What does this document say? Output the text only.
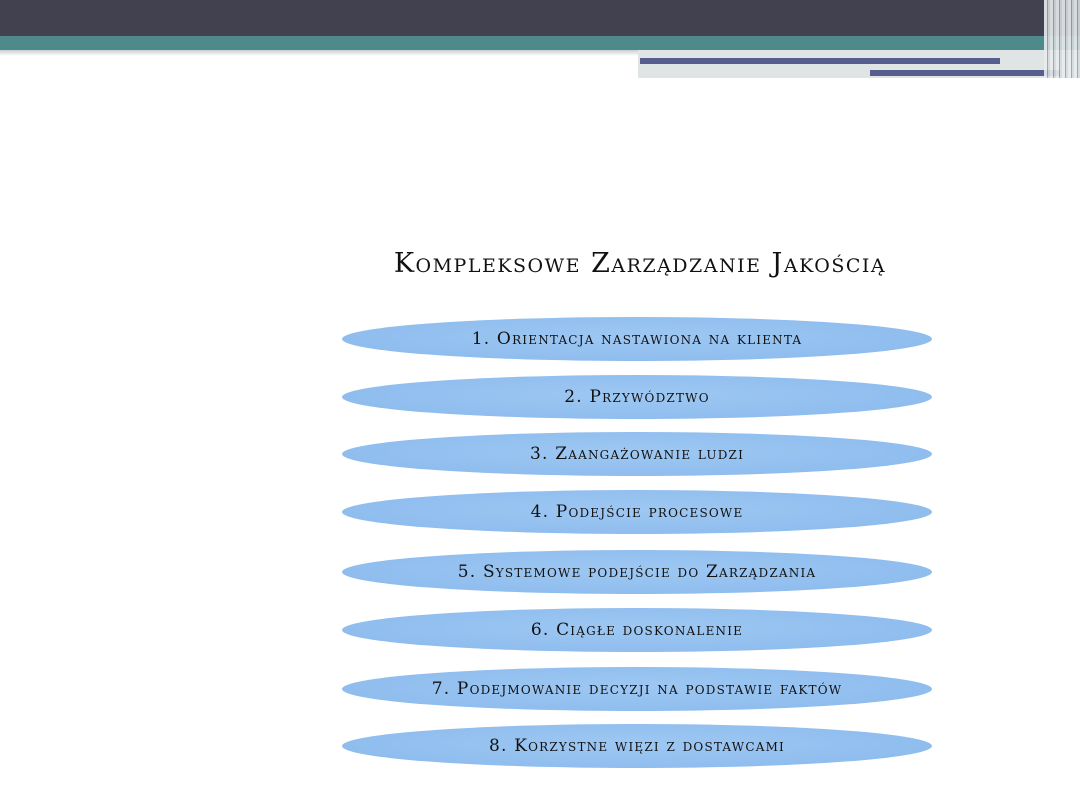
Kompleksowe Zarządzanie Jakością
1. Orientacja nastawiona na klienta
2. Przywództwo
3. Zaangażowanie ludzi
4. Podejście procesowe
5. Systemowe podejście do Zarządzania
6. Ciągłe doskonalenie
7. Podejmowanie decyzji na podstawie faktów
8. Korzystne więzi z dostawcami
